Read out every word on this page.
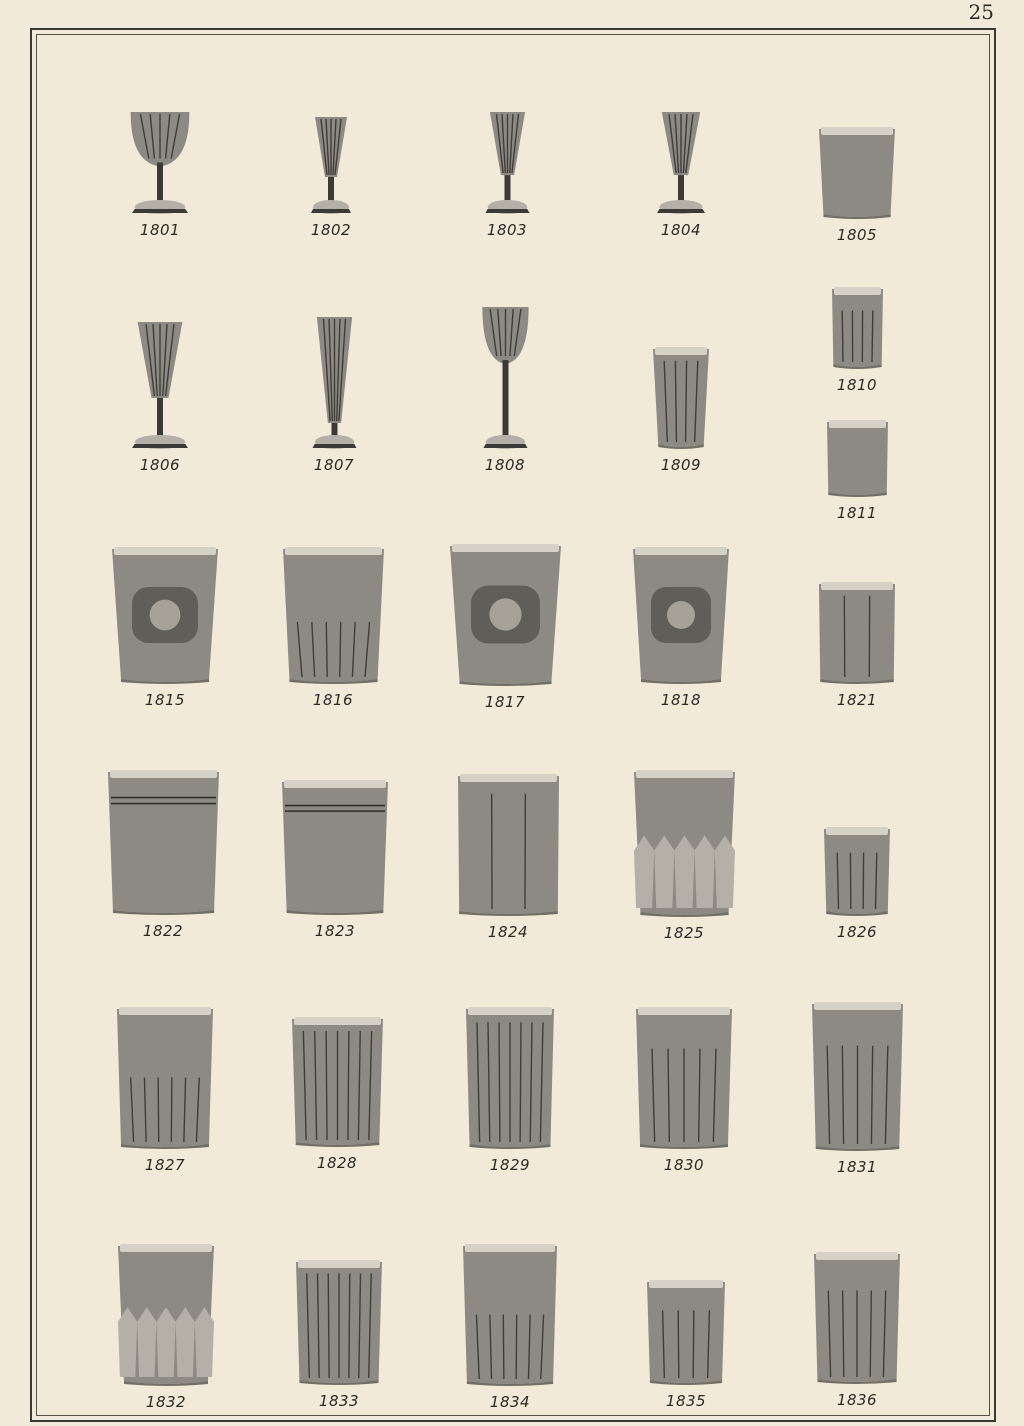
25
1801	1802	1803	1804	1805
1806	1807	1808	1809
1810
1811
1815	1816	1817	1818	1821
1822	1823	1824	1825	1826
1827	1828	1829	1830	1831
1832	1833	1834	1835	1836
